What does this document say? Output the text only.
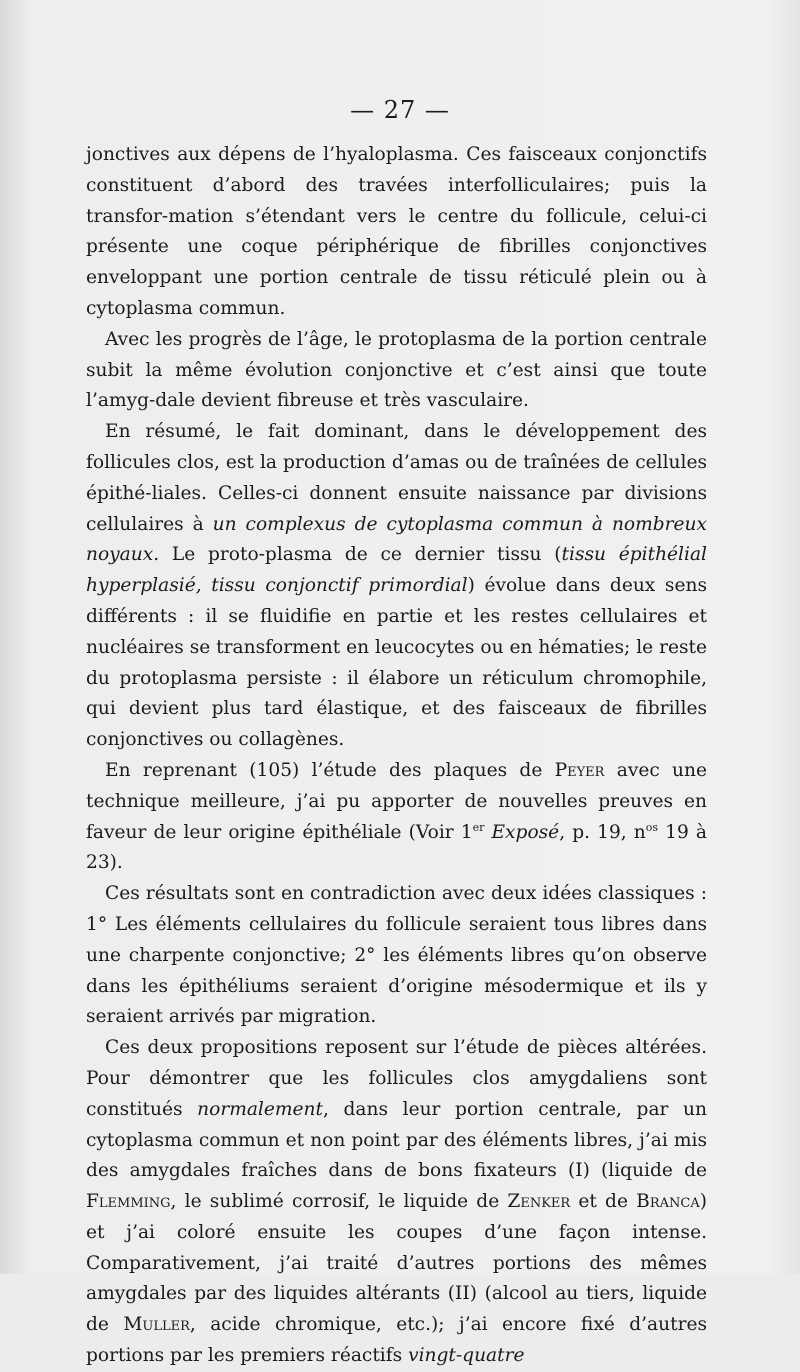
— 27 —

jonctives aux dépens de l’hyaloplasma. Ces faisceaux conjonctifs constituent d’abord des travées interfolliculaires; puis la transfor-mation s’étendant vers le centre du follicule, celui-ci présente une coque périphérique de fibrilles conjonctives enveloppant une portion centrale de tissu réticulé plein ou à cytoplasma commun.

Avec les progrès de l’âge, le protoplasma de la portion centrale subit la même évolution conjonctive et c’est ainsi que toute l’amyg-dale devient fibreuse et très vasculaire.

En résumé, le fait dominant, dans le développement des follicules clos, est la production d’amas ou de traînées de cellules épithé-liales. Celles-ci donnent ensuite naissance par divisions cellulaires à un complexus de cytoplasma commun à nombreux noyaux. Le proto-plasma de ce dernier tissu (tissu épithélial hyperplasié, tissu conjonctif primordial) évolue dans deux sens différents : il se fluidifie en partie et les restes cellulaires et nucléaires se transforment en leucocytes ou en hématies; le reste du protoplasma persiste : il élabore un réticulum chromophile, qui devient plus tard élastique, et des faisceaux de fibrilles conjonctives ou collagènes.

En reprenant (105) l’étude des plaques de Peyer avec une technique meilleure, j’ai pu apporter de nouvelles preuves en faveur de leur origine épithéliale (Voir 1er Exposé, p. 19, $n^{os}$ 19 à 23).

Ces résultats sont en contradiction avec deux idées classiques : 1° Les éléments cellulaires du follicule seraient tous libres dans une charpente conjonctive; 2° les éléments libres qu’on observe dans les épithéliums seraient d’origine mésodermique et ils y seraient arrivés par migration.

Ces deux propositions reposent sur l’étude de pièces altérées. Pour démontrer que les follicules clos amygdaliens sont constitués normalement, dans leur portion centrale, par un cytoplasma commun et non point par des éléments libres, j’ai mis des amygdales fraîches dans de bons fixateurs (I) (liquide de Flemming, le sublimé corrosif, le liquide de Zenker et de Branca) et j’ai coloré ensuite les coupes d’une façon intense. Comparativement, j’ai traité d’autres portions des mêmes amygdales par des liquides altérants (II) (alcool au tiers, liquide de Muller, acide chromique, etc.); j’ai encore fixé d’autres portions par les premiers réactifs vingt-quatre
